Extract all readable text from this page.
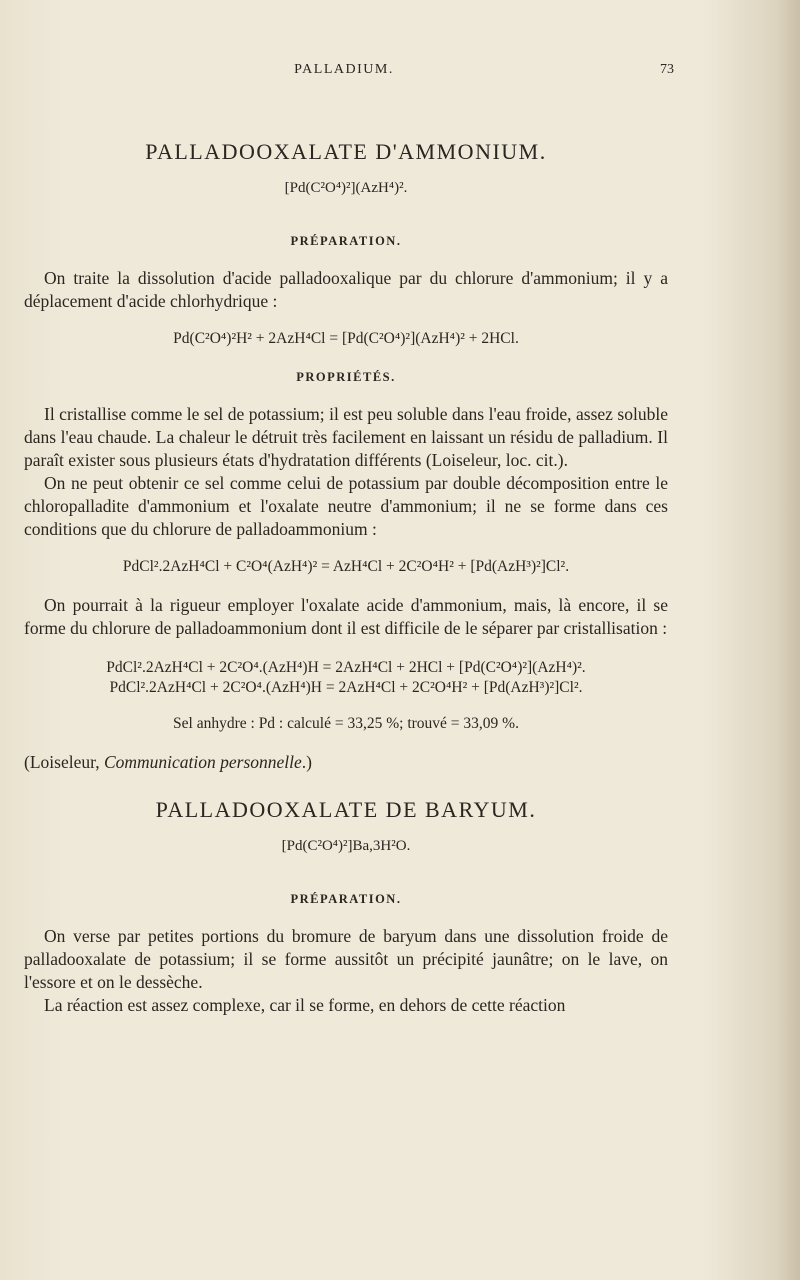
PALLADIUM.	73
PALLADOOXALATE D'AMMONIUM.
[Pd(C²O⁴)²](AzH⁴)².
PRÉPARATION.

On traite la dissolution d'acide palladooxalique par du chlorure d'ammonium; il y a déplacement d'acide chlorhydrique :

Pd(C²O⁴)²H² + 2AzH⁴Cl = [Pd(C²O⁴)²](AzH⁴)² + 2HCl.
PROPRIÉTÉS.

Il cristallise comme le sel de potassium; il est peu soluble dans l'eau froide, assez soluble dans l'eau chaude. La chaleur le détruit très facilement en laissant un résidu de palladium. Il paraît exister sous plusieurs états d'hydratation différents (Loiseleur, loc. cit.).

On ne peut obtenir ce sel comme celui de potassium par double décomposition entre le chloropalladite d'ammonium et l'oxalate neutre d'ammonium; il ne se forme dans ces conditions que du chlorure de palladoammonium :

PdCl².2AzH⁴Cl + C²O⁴(AzH⁴)² = AzH⁴Cl + 2C²O⁴H² + [Pd(AzH³)²]Cl².

On pourrait à la rigueur employer l'oxalate acide d'ammonium, mais, là encore, il se forme du chlorure de palladoammonium dont il est difficile de le séparer par cristallisation :

PdCl².2AzH⁴Cl + 2C²O⁴.(AzH⁴)H = 2AzH⁴Cl + 2HCl + [Pd(C²O⁴)²](AzH⁴)².
PdCl².2AzH⁴Cl + 2C²O⁴.(AzH⁴)H = 2AzH⁴Cl + 2C²O⁴H² + [Pd(AzH³)²]Cl².
Sel anhydre : Pd : calculé = 33,25 %; trouvé = 33,09 %.

(Loiseleur, Communication personnelle.)

PALLADOOXALATE DE BARYUM.
[Pd(C²O⁴)²]Ba,3H²O.
PRÉPARATION.

On verse par petites portions du bromure de baryum dans une dissolution froide de palladooxalate de potassium; il se forme aussitôt un précipité jaunâtre; on le lave, on l'essore et on le dessèche.

La réaction est assez complexe, car il se forme, en dehors de cette réaction
